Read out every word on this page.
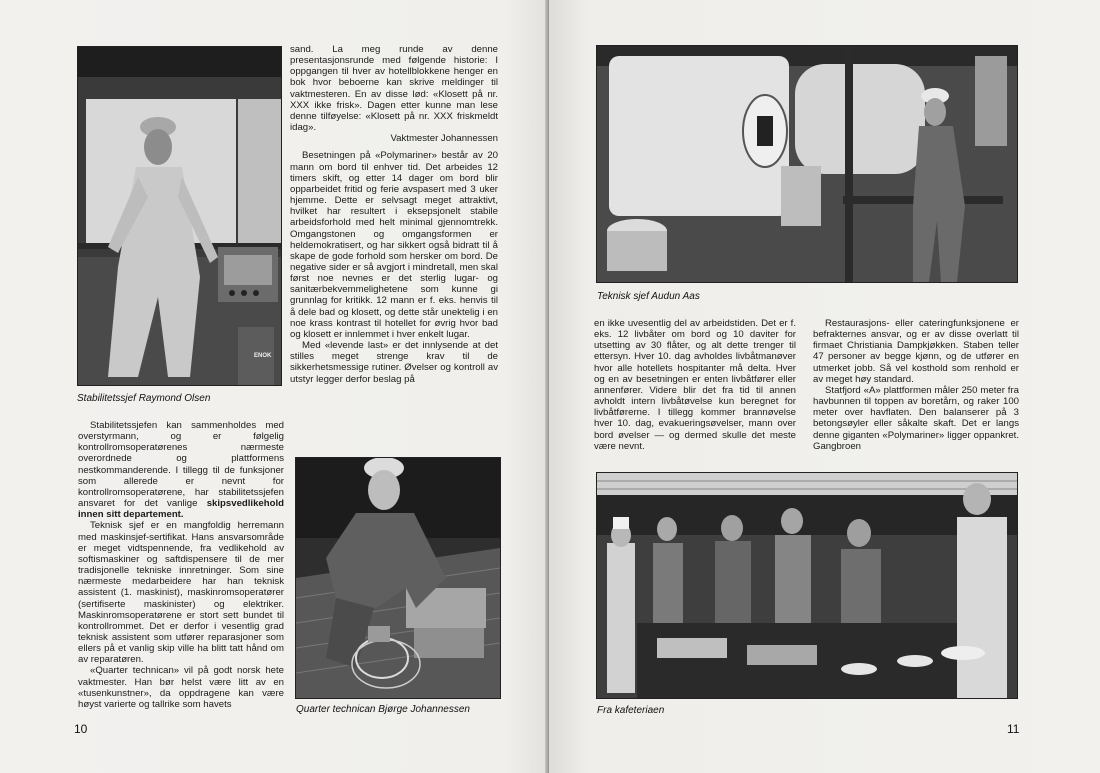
ENOK
Stabilitetssjef Raymond Olsen

Stabilitetssjefen kan sammenholdes med overstyrmann, og er følgelig kontrollromsoperatørenes nærmeste overordnede og plattformens nestkommanderende. I tillegg til de funksjoner som allerede er nevnt for kontrollromsoperatørene, har stabilitetssjefen ansvaret for det vanlige skipsvedlikehold innen sitt departement.

Teknisk sjef er en mangfoldig herremann med maskinsjef-sertifikat. Hans ansvarsområde er meget vidtspennende, fra vedlikehold av softismaskiner og saftdispensere til de mer tradisjonelle tekniske innretninger. Som sine nærmeste medarbeidere har han teknisk assistent (1. maskinist), maskinromsoperatører (sertifiserte maskinister) og elektriker. Maskinromsoperatørene er stort sett bundet til kontrollrommet. Det er derfor i vesentlig grad teknisk assistent som utfører reparasjoner som ellers på et vanlig skip ville ha blitt tatt hånd om av reparatøren.

«Quarter technican» vil på godt norsk hete vaktmester. Han bør helst være litt av en «tusenkunstner», da oppdragene kan være høyst varierte og tallrike som havets

sand. La meg runde av denne presentasjonsrunde med følgende historie: I oppgangen til hver av hotellblokkene henger en bok hvor beboerne kan skrive meldinger til vaktmesteren. En av disse lød: «Klosett på nr. XXX ikke frisk». Dagen etter kunne man lese denne tilføyelse: «Klosett på nr. XXX friskmeldt idag».

Vaktmester Johannessen

Besetningen på «Polymariner» består av 20 mann om bord til enhver tid. Det arbeides 12 timers skift, og etter 14 dager om bord blir opparbeidet fritid og ferie avspasert med 3 uker hjemme. Dette er selvsagt meget attraktivt, hvilket har resultert i eksepsjonelt stabile arbeidsforhold med helt minimal gjennomtrekk. Omgangstonen og omgangsformen er heldemokratisert, og har sikkert også bidratt til å skape de gode forhold som hersker om bord. De negative sider er så avgjort i mindretall, men skal først noe nevnes er det sterlig lugar- og sanitærbekvemmelighetene som kunne gi grunnlag for kritikk. 12 mann er f. eks. henvis til å dele bad og klosett, og dette står unektelig i en noe krass kontrast til hotellet for øvrig hvor bad og klosett er innlemmet i hver enkelt lugar.

Med «levende last» er det innlysende at det stilles meget strenge krav til de sikkerhetsmessige rutiner. Øvelser og kontroll av utstyr legger derfor beslag på

Quarter technican Bjørge Johannessen
10
Teknisk sjef Audun Aas

en ikke uvesentlig del av arbeidstiden. Det er f. eks. 12 livbåter om bord og 10 daviter for utsetting av 30 flåter, og alt dette trenger til ettersyn. Hver 10. dag avholdes livbåtmanøver hvor alle hotellets hospitanter må delta. Hver og en av besetningen er enten livbåtfører eller annenfører. Videre blir det fra tid til annen avholdt intern livbåtøvelse kun beregnet for livbåtførerne. I tillegg kommer brannøvelse hver 10. dag, evakueringsøvelser, mann over bord øvelser — og dermed skulle det meste være nevnt.

Restaurasjons- eller cateringfunksjonene er befrakternes ansvar, og er av disse overlatt til firmaet Christiania Dampkjøkken. Staben teller 47 personer av begge kjønn, og de utfører en utmerket jobb. Så vel kosthold som renhold er av meget høy standard.

Statfjord «A» plattformen måler 250 meter fra havbunnen til toppen av boretårn, og raker 100 meter over havflaten. Den balanserer på 3 betongsøyler eller såkalte skaft. Det er langs denne giganten «Polymariner» ligger oppankret. Gangbroen

Fra kafeteriaen
11
